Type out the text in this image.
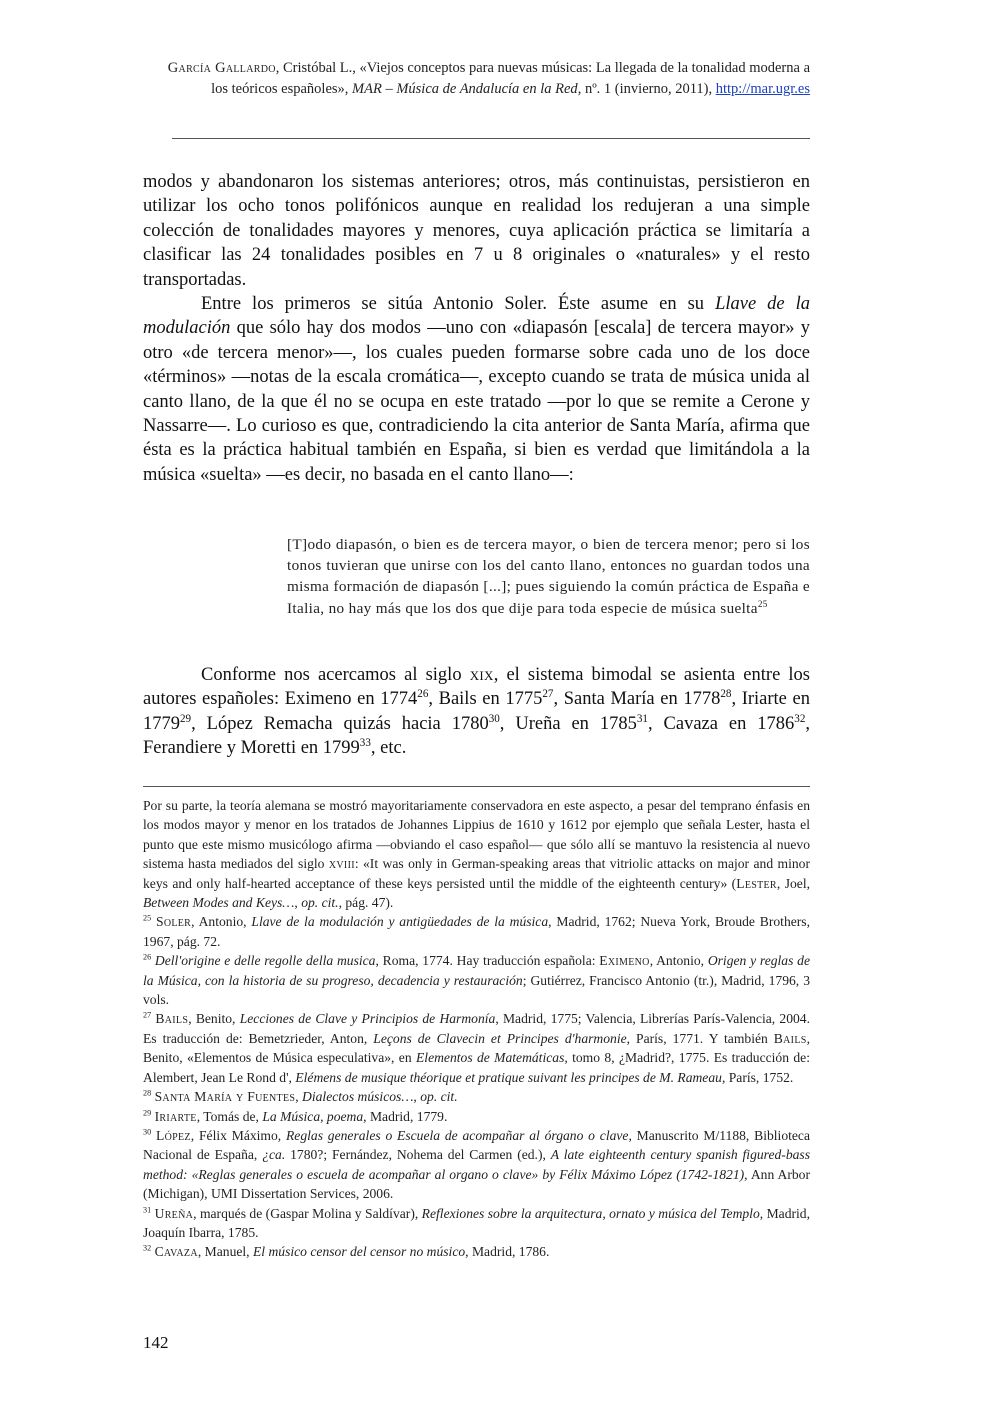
García Gallardo, Cristóbal L., «Viejos conceptos para nuevas músicas: La llegada de la tonalidad moderna a los teóricos españoles», MAR – Música de Andalucía en la Red, nº. 1 (invierno, 2011), http://mar.ugr.es

modos y abandonaron los sistemas anteriores; otros, más continuistas, persistieron en utilizar los ocho tonos polifónicos aunque en realidad los redujeran a una simple colección de tonalidades mayores y menores, cuya aplicación práctica se limitaría a clasificar las 24 tonalidades posibles en 7 u 8 originales o «naturales» y el resto transportadas.

Entre los primeros se sitúa Antonio Soler. Éste asume en su Llave de la modulación que sólo hay dos modos —uno con «diapasón [escala] de tercera mayor» y otro «de tercera menor»—, los cuales pueden formarse sobre cada uno de los doce «términos» —notas de la escala cromática—, excepto cuando se trata de música unida al canto llano, de la que él no se ocupa en este tratado —por lo que se remite a Cerone y Nassarre—. Lo curioso es que, contradiciendo la cita anterior de Santa María, afirma que ésta es la práctica habitual también en España, si bien es verdad que limitándola a la música «suelta» —es decir, no basada en el canto llano—:

[T]odo diapasón, o bien es de tercera mayor, o bien de tercera menor; pero si los tonos tuvieran que unirse con los del canto llano, entonces no guardan todos una misma formación de diapasón [...]; pues siguiendo la común práctica de España e Italia, no hay más que los dos que dije para toda especie de música suelta$^{25}$

Conforme nos acercamos al siglo xix, el sistema bimodal se asienta entre los autores españoles: Eximeno en 1774$^{26}$, Bails en 1775$^{27}$, Santa María en 1778$^{28}$, Iriarte en 1779$^{29}$, López Remacha quizás hacia 1780$^{30}$, Ureña en 1785$^{31}$, Cavaza en 1786$^{32}$, Ferandiere y Moretti en 1799$^{33}$, etc.

Por su parte, la teoría alemana se mostró mayoritariamente conservadora en este aspecto, a pesar del temprano énfasis en los modos mayor y menor en los tratados de Johannes Lippius de 1610 y 1612 por ejemplo que señala Lester, hasta el punto que este mismo musicólogo afirma —obviando el caso español— que sólo allí se mantuvo la resistencia al nuevo sistema hasta mediados del siglo xviii: «It was only in German-speaking areas that vitriolic attacks on major and minor keys and only half-hearted acceptance of these keys persisted until the middle of the eighteenth century» (Lester, Joel, Between Modes and Keys…, op. cit., pág. 47).

$^{25}$ Soler, Antonio, Llave de la modulación y antigüedades de la música, Madrid, 1762; Nueva York, Broude Brothers, 1967, pág. 72.

$^{26}$ Dell'origine e delle regolle della musica, Roma, 1774. Hay traducción española: Eximeno, Antonio, Origen y reglas de la Música, con la historia de su progreso, decadencia y restauración; Gutiérrez, Francisco Antonio (tr.), Madrid, 1796, 3 vols.

$^{27}$ Bails, Benito, Lecciones de Clave y Principios de Harmonía, Madrid, 1775; Valencia, Librerías París-Valencia, 2004. Es traducción de: Bemetzrieder, Anton, Leçons de Clavecin et Principes d'harmonie, París, 1771. Y también Bails, Benito, «Elementos de Música especulativa», en Elementos de Matemáticas, tomo 8, ¿Madrid?, 1775. Es traducción de: Alembert, Jean Le Rond d', Elémens de musique théorique et pratique suivant les principes de M. Rameau, París, 1752.

$^{28}$ Santa María y Fuentes, Dialectos músicos…, op. cit.

$^{29}$ Iriarte, Tomás de, La Música, poema, Madrid, 1779.

$^{30}$ López, Félix Máximo, Reglas generales o Escuela de acompañar al órgano o clave, Manuscrito M/1188, Biblioteca Nacional de España, ¿ca. 1780?; Fernández, Nohema del Carmen (ed.), A late eighteenth century spanish figured-bass method: «Reglas generales o escuela de acompañar al organo o clave» by Félix Máximo López (1742-1821), Ann Arbor (Michigan), UMI Dissertation Services, 2006.

$^{31}$ Ureña, marqués de (Gaspar Molina y Saldívar), Reflexiones sobre la arquitectura, ornato y música del Templo, Madrid, Joaquín Ibarra, 1785.

$^{32}$ Cavaza, Manuel, El músico censor del censor no músico, Madrid, 1786.

142
